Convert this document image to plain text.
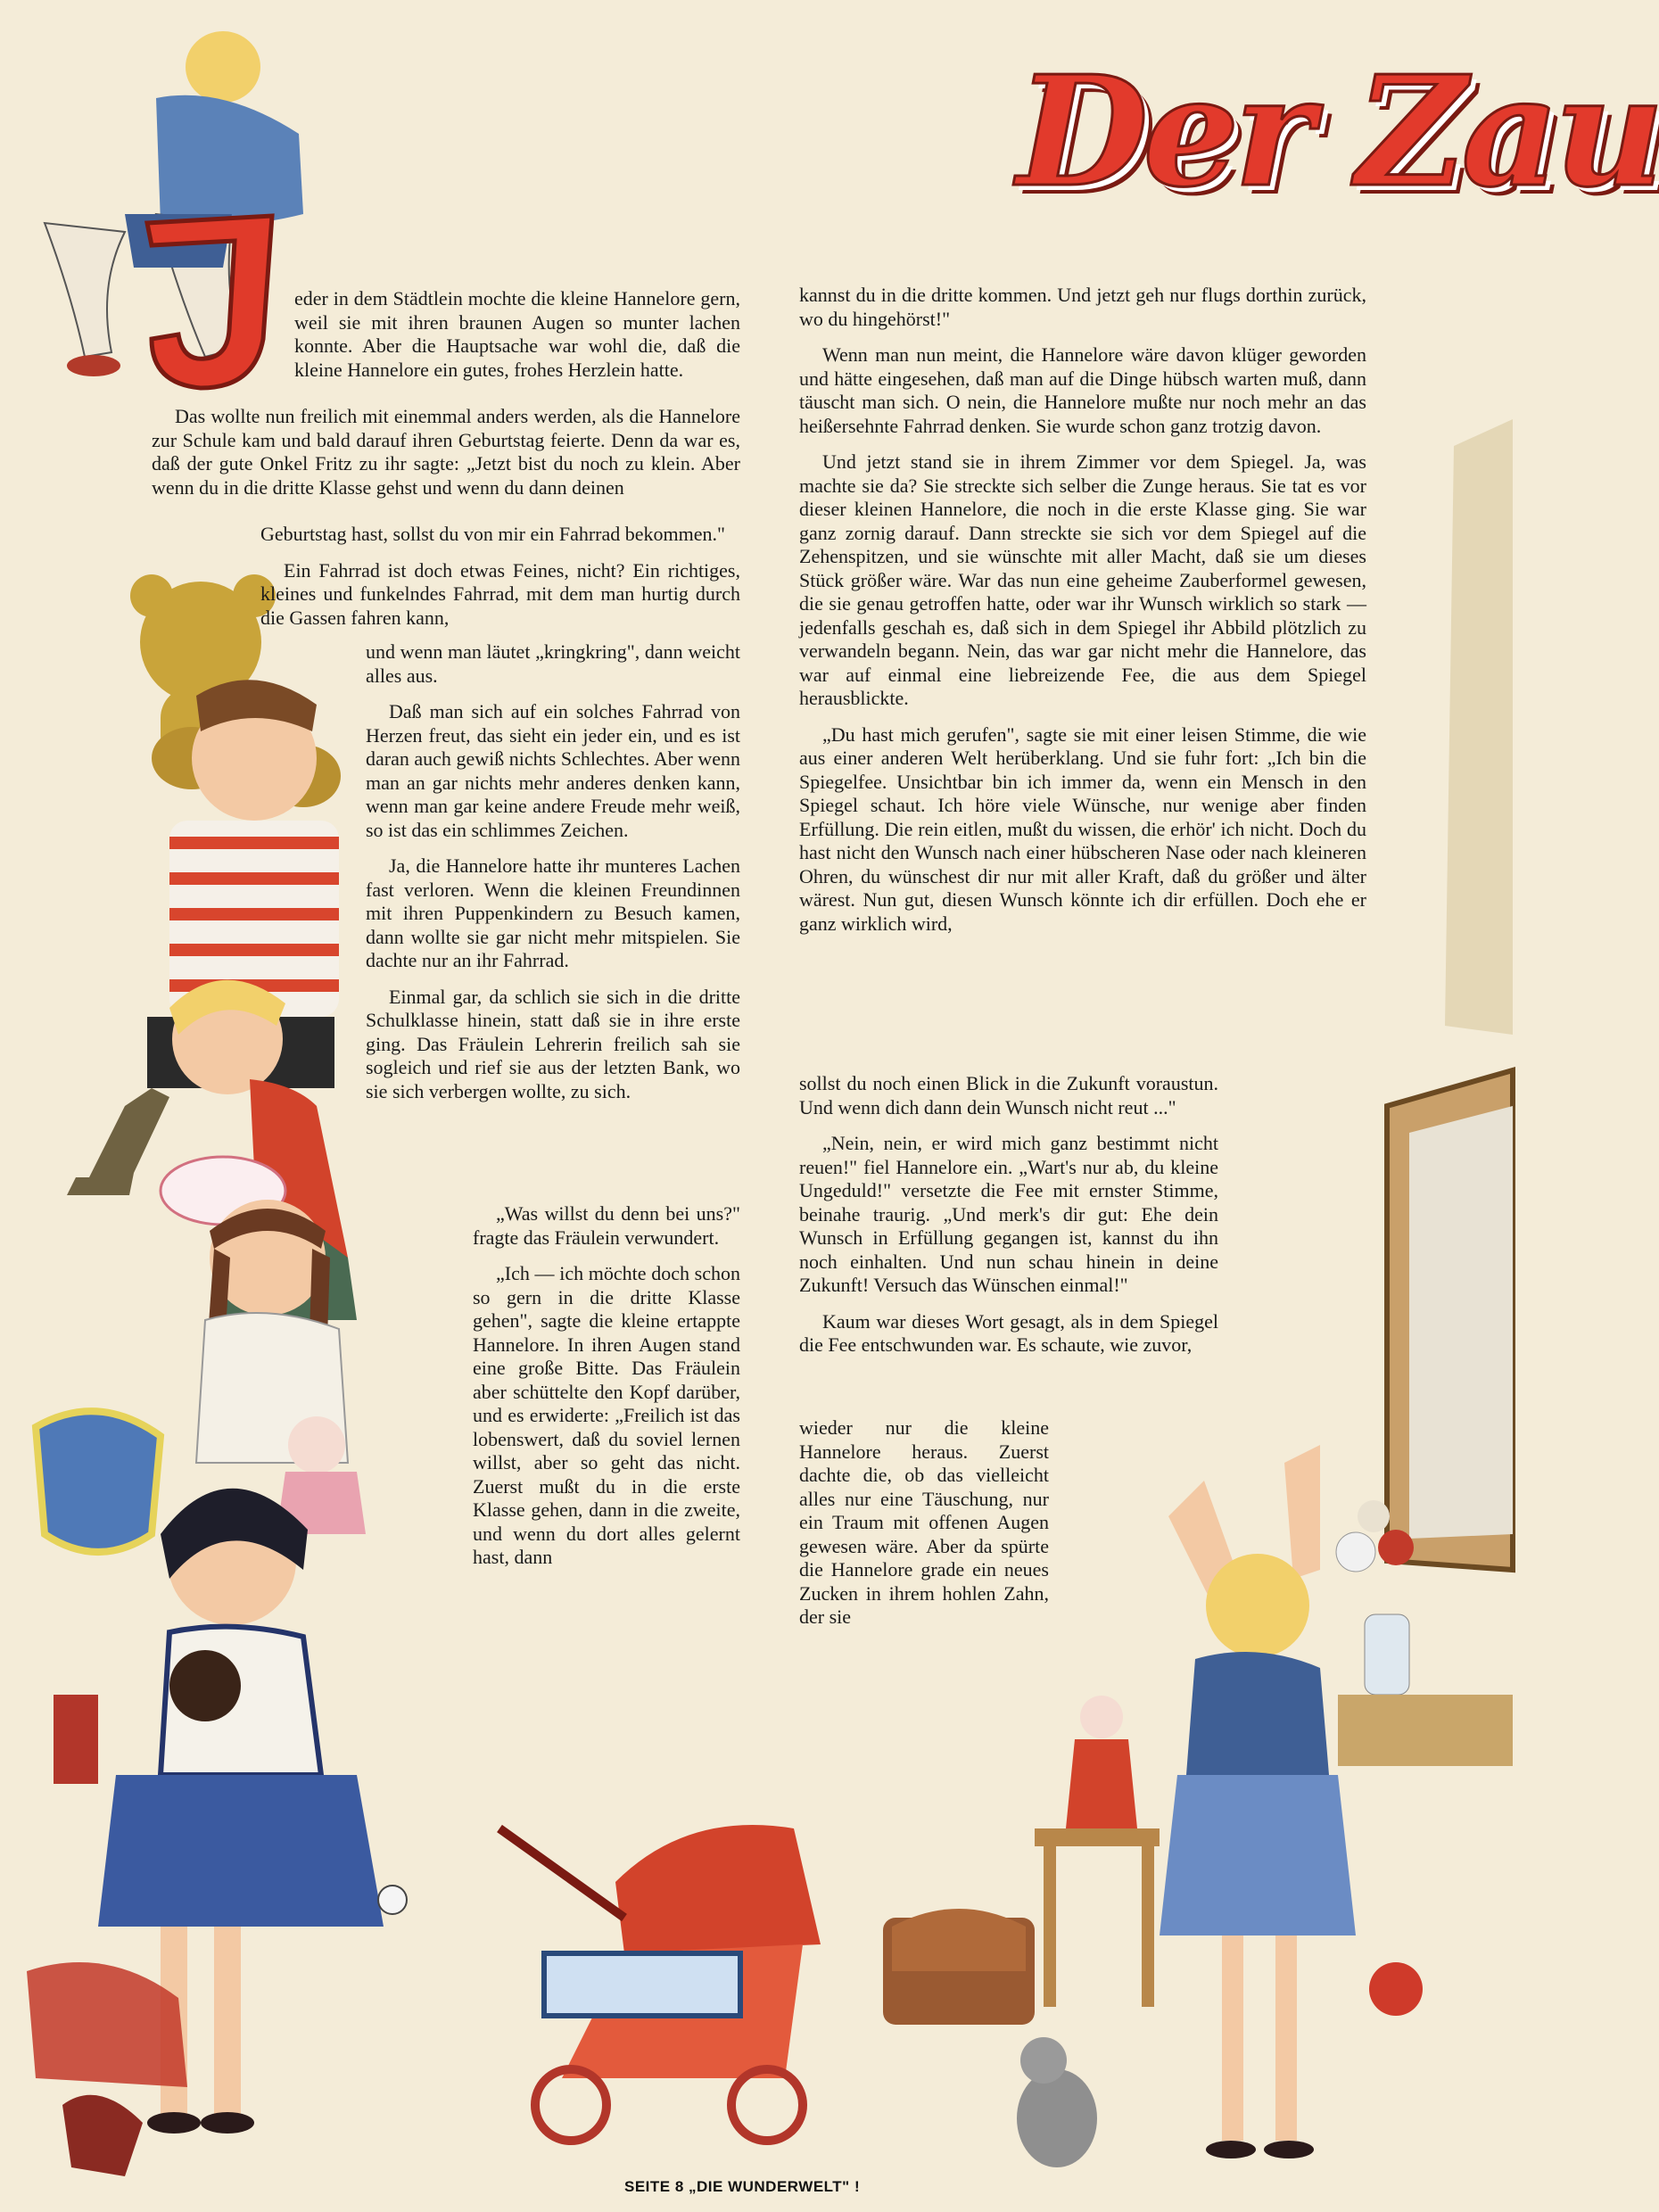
Der Zau
J

eder in dem Städtlein mochte die kleine Hannelore gern, weil sie mit ihren braunen Augen so munter lachen konnte. Aber die Hauptsache war wohl die, daß die kleine Hannelore ein gutes, frohes Herzlein hatte.

Das wollte nun freilich mit einemmal anders werden, als die Hannelore zur Schule kam und bald darauf ihren Geburtstag feierte. Denn da war es, daß der gute Onkel Fritz zu ihr sagte: „Jetzt bist du noch zu klein. Aber wenn du in die dritte Klasse gehst und wenn du dann deinen

Geburtstag hast, sollst du von mir ein Fahrrad bekommen."

Ein Fahrrad ist doch etwas Feines, nicht? Ein richtiges, kleines und funkelndes Fahrrad, mit dem man hurtig durch die Gassen fahren kann,

und wenn man läutet „kringkring", dann weicht alles aus.

Daß man sich auf ein solches Fahrrad von Herzen freut, das sieht ein jeder ein, und es ist daran auch gewiß nichts Schlechtes. Aber wenn man an gar nichts mehr anderes denken kann, wenn man gar keine andere Freude mehr weiß, so ist das ein schlimmes Zeichen.

Ja, die Hannelore hatte ihr munteres Lachen fast verloren. Wenn die kleinen Freundinnen mit ihren Puppenkindern zu Besuch kamen, dann wollte sie gar nicht mehr mitspielen. Sie dachte nur an ihr Fahrrad.

Einmal gar, da schlich sie sich in die dritte Schulklasse hinein, statt daß sie in ihre erste ging. Das Fräulein Lehrerin freilich sah sie sogleich und rief sie aus der letzten Bank, wo sie sich verbergen wollte, zu sich.

„Was willst du denn bei uns?" fragte das Fräulein verwundert.

„Ich — ich möchte doch schon so gern in die dritte Klasse gehen", sagte die kleine ertappte Hannelore. In ihren Augen stand eine große Bitte. Das Fräulein aber schüttelte den Kopf darüber, und es erwiderte: „Freilich ist das lobenswert, daß du soviel lernen willst, aber so geht das nicht. Zuerst mußt du in die erste Klasse gehen, dann in die zweite, und wenn du dort alles gelernt hast, dann

kannst du in die dritte kommen. Und jetzt geh nur flugs dorthin zurück, wo du hingehörst!"

Wenn man nun meint, die Hannelore wäre davon klüger geworden und hätte eingesehen, daß man auf die Dinge hübsch warten muß, dann täuscht man sich. O nein, die Hannelore mußte nur noch mehr an das heißersehnte Fahrrad denken. Sie wurde schon ganz trotzig davon.

Und jetzt stand sie in ihrem Zimmer vor dem Spiegel. Ja, was machte sie da? Sie streckte sich selber die Zunge heraus. Sie tat es vor dieser kleinen Hannelore, die noch in die erste Klasse ging. Sie war ganz zornig darauf. Dann streckte sie sich vor dem Spiegel auf die Zehenspitzen, und sie wünschte mit aller Macht, daß sie um dieses Stück größer wäre. War das nun eine geheime Zauberformel gewesen, die sie genau getroffen hatte, oder war ihr Wunsch wirklich so stark — jedenfalls geschah es, daß sich in dem Spiegel ihr Abbild plötzlich zu verwandeln begann. Nein, das war gar nicht mehr die Hannelore, das war auf einmal eine liebreizende Fee, die aus dem Spiegel herausblickte.

„Du hast mich gerufen", sagte sie mit einer leisen Stimme, die wie aus einer anderen Welt herüberklang. Und sie fuhr fort: „Ich bin die Spiegelfee. Unsichtbar bin ich immer da, wenn ein Mensch in den Spiegel schaut. Ich höre viele Wünsche, nur wenige aber finden Erfüllung. Die rein eitlen, mußt du wissen, die erhör' ich nicht. Doch du hast nicht den Wunsch nach einer hübscheren Nase oder nach kleineren Ohren, du wünschest dir nur mit aller Kraft, daß du größer und älter wärest. Nun gut, diesen Wunsch könnte ich dir erfüllen. Doch ehe er ganz wirklich wird,

sollst du noch einen Blick in die Zukunft voraustun. Und wenn dich dann dein Wunsch nicht reut ..."

„Nein, nein, er wird mich ganz bestimmt nicht reuen!" fiel Hannelore ein. „Wart's nur ab, du kleine Ungeduld!" versetzte die Fee mit ernster Stimme, beinahe traurig. „Und merk's dir gut: Ehe dein Wunsch in Erfüllung gegangen ist, kannst du ihn noch einhalten. Und nun schau hinein in deine Zukunft! Versuch das Wünschen einmal!"

Kaum war dieses Wort gesagt, als in dem Spiegel die Fee entschwunden war. Es schaute, wie zuvor,

wieder nur die kleine Hannelore heraus. Zuerst dachte die, ob das vielleicht alles nur eine Täuschung, nur ein Traum mit offenen Augen gewesen wäre. Aber da spürte die Hannelore grade ein neues Zucken in ihrem hohlen Zahn, der sie

SEITE 8 „DIE WUNDERWELT" !
